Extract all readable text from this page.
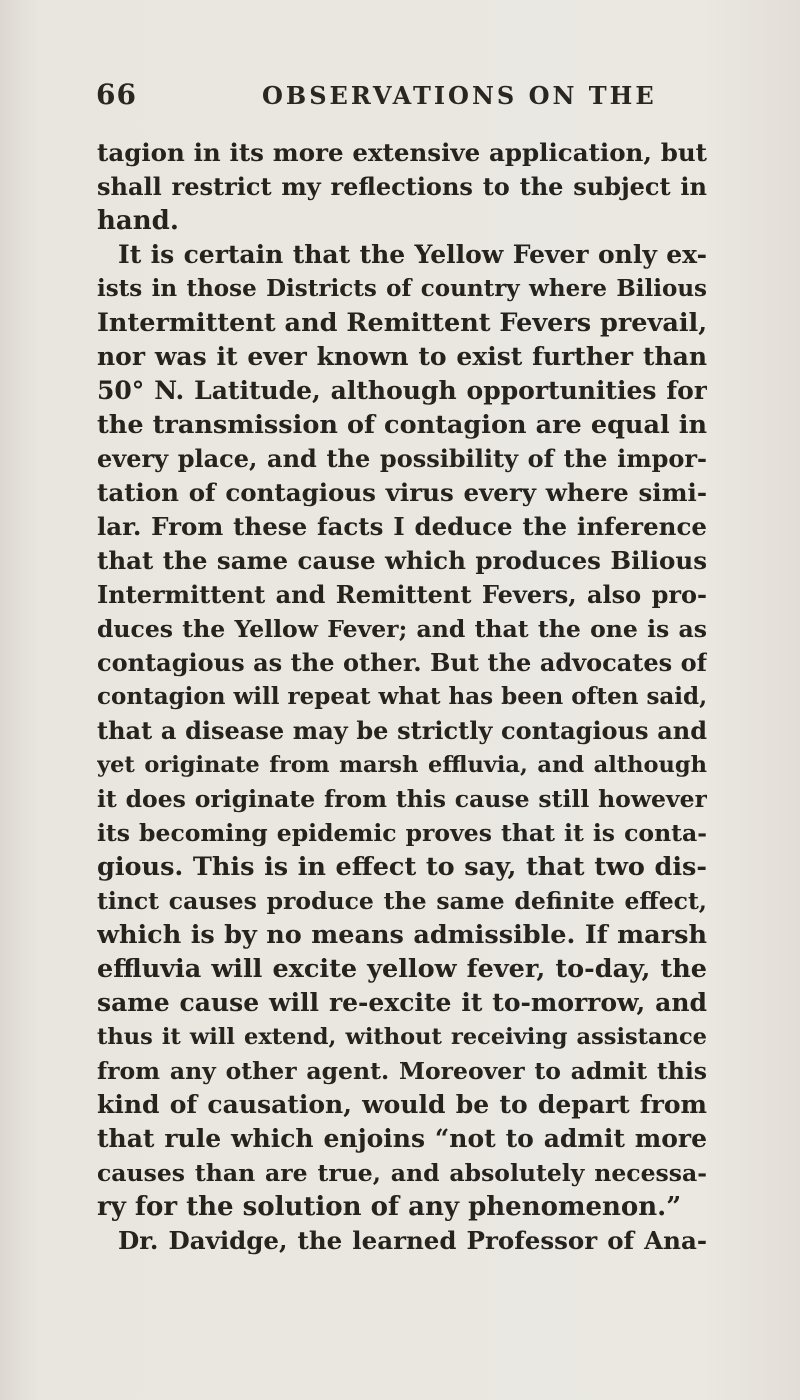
66	OBSERVATIONS ON THE
tagion in its more extensive application, but
shall restrict my reflections to the subject in
hand.
It is certain that the Yellow Fever only ex-
ists in those Districts of country where Bilious
Intermittent and Remittent Fevers prevail,
nor was it ever known to exist further than
50° N. Latitude, although opportunities for
the transmission of contagion are equal in
every place, and the possibility of the impor-
tation of contagious virus every where simi-
lar. From these facts I deduce the inference
that the same cause which produces Bilious
Intermittent and Remittent Fevers, also pro-
duces the Yellow Fever; and that the one is as
contagious as the other. But the advocates of
contagion will repeat what has been often said,
that a disease may be strictly contagious and
yet originate from marsh effluvia, and although
it does originate from this cause still however
its becoming epidemic proves that it is conta-
gious. This is in effect to say, that two dis-
tinct causes produce the same definite effect,
which is by no means admissible. If marsh
effluvia will excite yellow fever, to-day, the
same cause will re-excite it to-morrow, and
thus it will extend, without receiving assistance
from any other agent. Moreover to admit this
kind of causation, would be to depart from
that rule which enjoins “not to admit more
causes than are true, and absolutely necessa-
ry for the solution of any phenomenon.”
Dr. Davidge, the learned Professor of Ana-
